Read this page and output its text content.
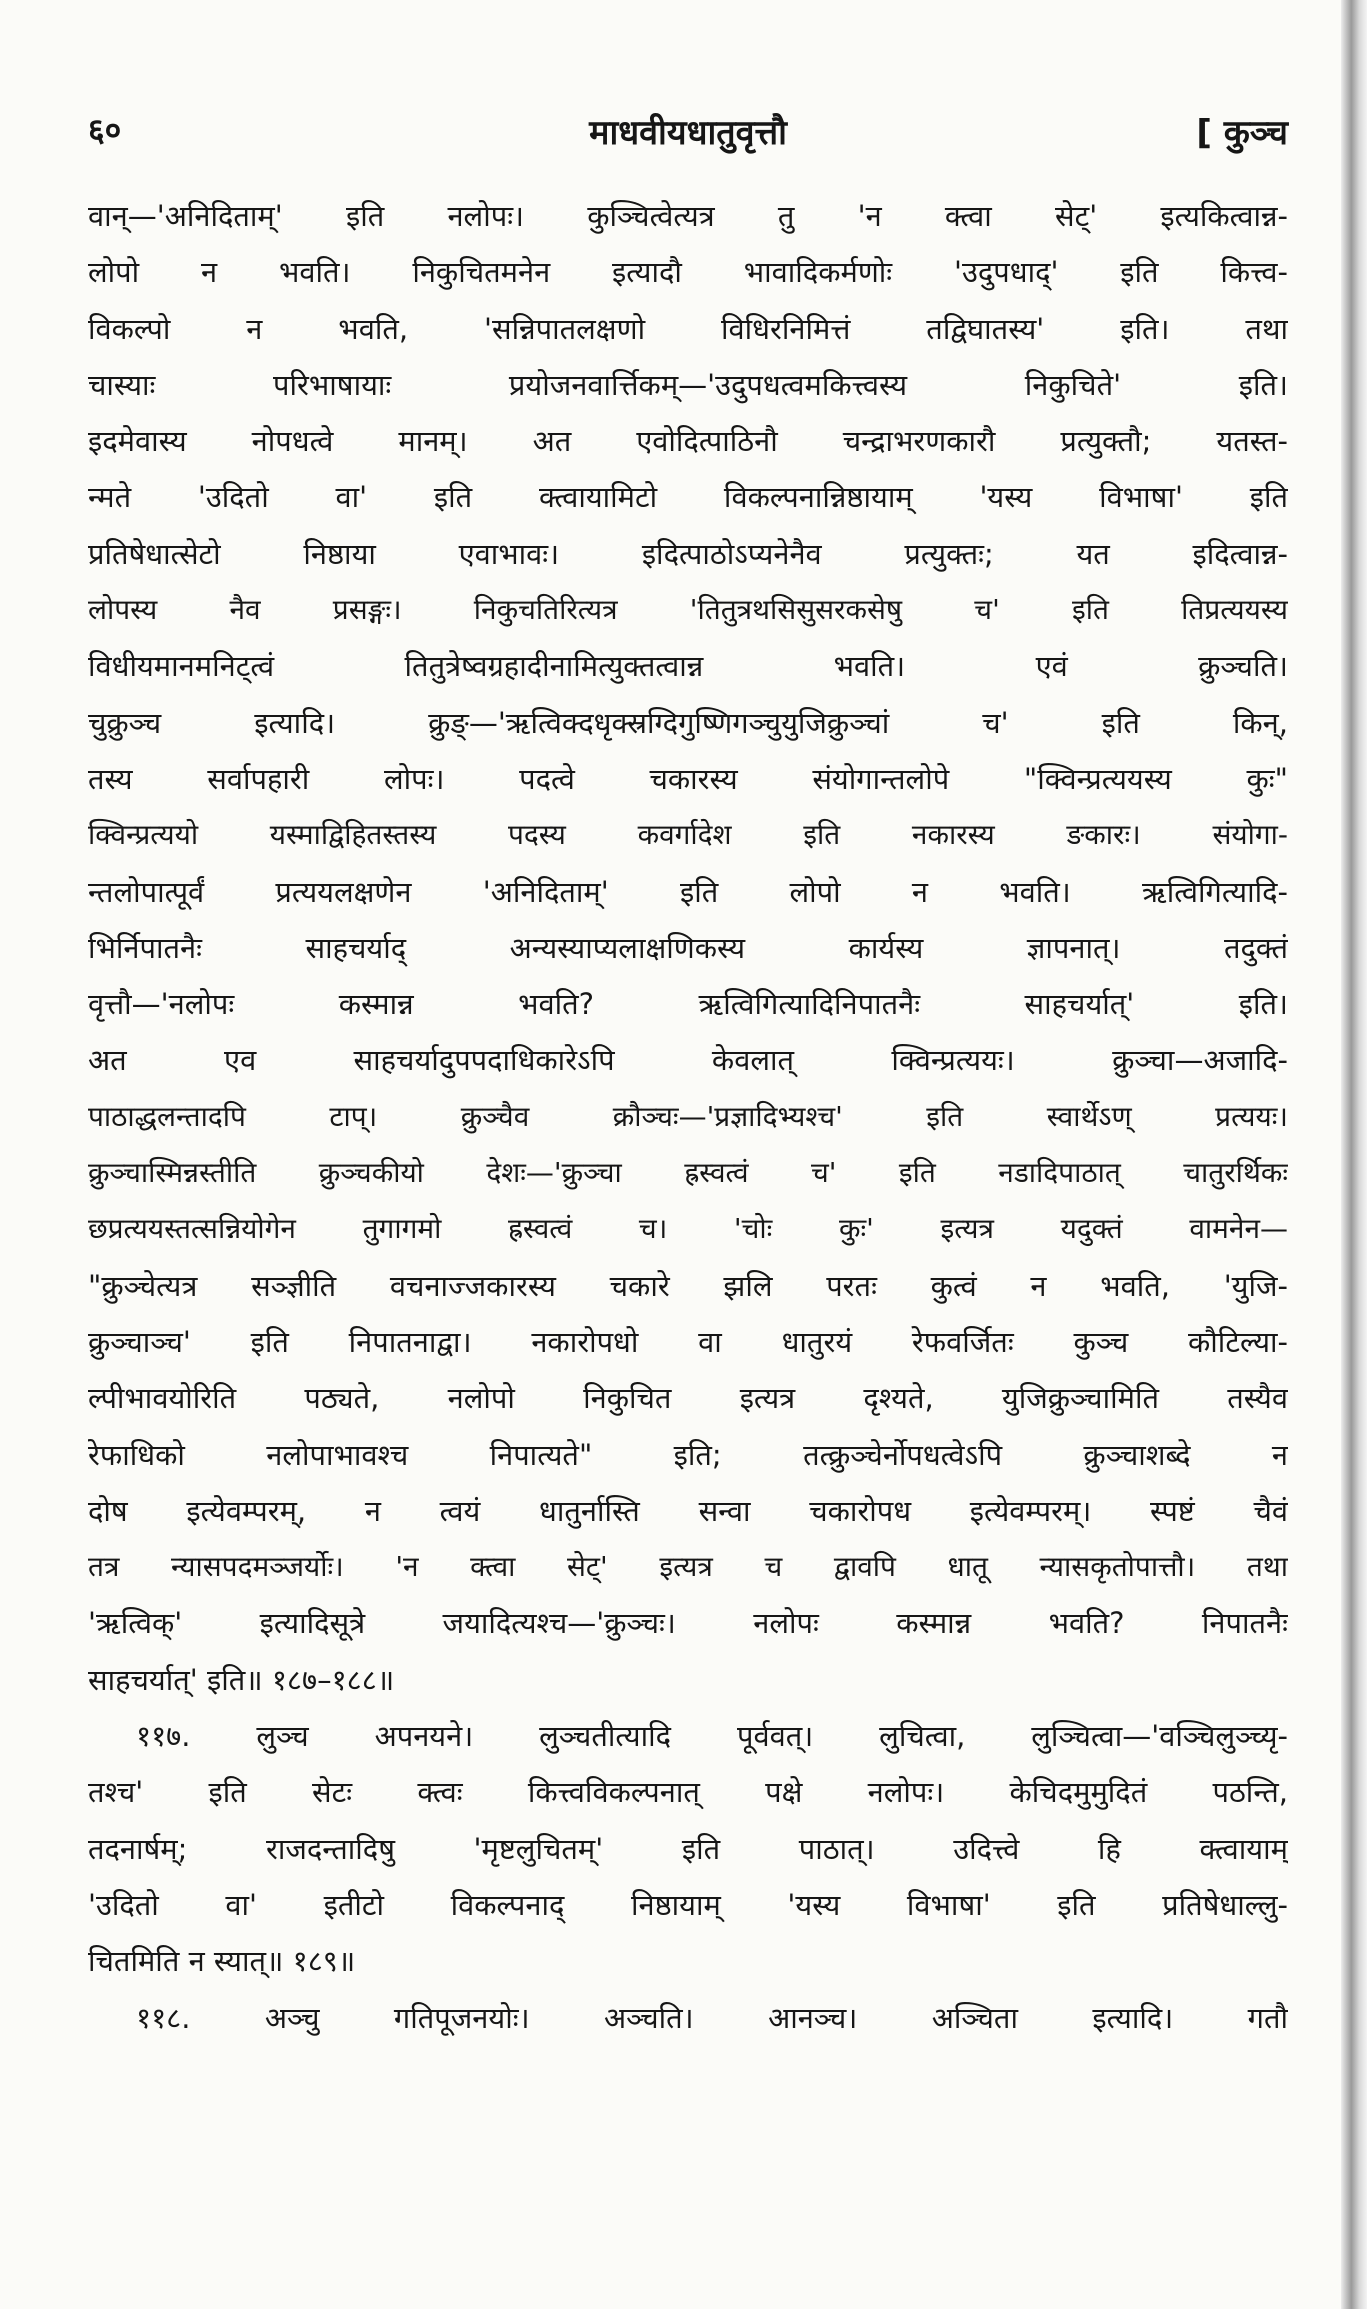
माधवीयधातुवृत्तौ
६०	[ कुञ्च
वान्—'अनिदिताम्' इति नलोपः। कुञ्चित्वेत्यत्र तु 'न क्त्वा सेट्' इत्यकित्वान्न-
लोपो न भवति। निकुचितमनेन इत्यादौ भावादिकर्मणोः 'उदुपधाद्' इति कित्त्व-
विकल्पो न भवति, 'सन्निपातलक्षणो विधिरनिमित्तं तद्विघातस्य' इति। तथा
चास्याः परिभाषायाः प्रयोजनवार्त्तिकम्—'उदुपधत्वमकित्त्वस्य निकुचिते' इति।
इदमेवास्य नोपधत्वे मानम्। अत एवोदित्पाठिनौ चन्द्राभरणकारौ प्रत्युक्तौ; यतस्त-
न्मते 'उदितो वा' इति क्त्वायामिटो विकल्पनान्निष्ठायाम् 'यस्य विभाषा' इति
प्रतिषेधात्सेटो निष्ठाया एवाभावः। इदित्पाठोऽप्यनेनैव प्रत्युक्तः; यत इदित्वान्न-
लोपस्य नैव प्रसङ्गः। निकुचतिरित्यत्र 'तितुत्रथसिसुसरकसेषु च' इति तिप्रत्ययस्य
विधीयमानमनिट्त्वं तितुत्रेष्वग्रहादीनामित्युक्तत्वान्न भवति। एवं क्रुञ्चति।
चुक्रुञ्च इत्यादि। क्रुङ्—'ऋत्विक्दधृक्स्रग्दिगुष्णिगञ्चुयुजिक्रुञ्चां च' इति किन्,
तस्य सर्वापहारी लोपः। पदत्वे चकारस्य संयोगान्तलोपे "क्विन्प्रत्ययस्य कुः"
क्विन्प्रत्ययो यस्माद्विहितस्तस्य पदस्य कवर्गादेश इति नकारस्य ङकारः। संयोगा-
न्तलोपात्पूर्वं प्रत्ययलक्षणेन 'अनिदिताम्' इति लोपो न भवति। ऋत्विगित्यादि-
भिर्निपातनैः साहचर्याद् अन्यस्याप्यलाक्षणिकस्य कार्यस्य ज्ञापनात्। तदुक्तं
वृत्तौ—'नलोपः कस्मान्न भवति? ऋत्विगित्यादिनिपातनैः साहचर्यात्' इति।
अत एव साहचर्यादुपपदाधिकारेऽपि केवलात् क्विन्प्रत्ययः। क्रुञ्चा—अजादि-
पाठाद्धलन्तादपि टाप्। क्रुञ्चैव क्रौञ्चः—'प्रज्ञादिभ्यश्च' इति स्वार्थेऽण् प्रत्ययः।
क्रुञ्चास्मिन्नस्तीति क्रुञ्चकीयो देशः—'क्रुञ्चा ह्रस्वत्वं च' इति नडादिपाठात् चातुरर्थिकः
छप्रत्ययस्तत्सन्नियोगेन तुगागमो ह्रस्वत्वं च। 'चोः कुः' इत्यत्र यदुक्तं वामनेन—
"क्रुञ्चेत्यत्र सञ्ज्ञीति वचनाज्जकारस्य चकारे झलि परतः कुत्वं न भवति, 'युजि-
क्रुञ्चाञ्च' इति निपातनाद्वा। नकारोपधो वा धातुरयं रेफवर्जितः कुञ्च कौटिल्या-
ल्पीभावयोरिति पठ्यते, नलोपो निकुचित इत्यत्र दृश्यते, युजिक्रुञ्चामिति तस्यैव
रेफाधिको नलोपाभावश्च निपात्यते" इति; तत्क्रुञ्चेर्नोपधत्वेऽपि क्रुञ्चाशब्दे न
दोष इत्येवम्परम्, न त्वयं धातुर्नास्ति सन्वा चकारोपध इत्येवम्परम्। स्पष्टं चैवं
तत्र न्यासपदमञ्जर्योः। 'न क्त्वा सेट्' इत्यत्र च द्वावपि धातू न्यासकृतोपात्तौ। तथा
'ऋत्विक्' इत्यादिसूत्रे जयादित्यश्च—'क्रुञ्चः। नलोपः कस्मान्न भवति? निपातनैः
साहचर्यात्' इति॥ १८७–१८८॥
११७. लुञ्च अपनयने। लुञ्चतीत्यादि पूर्ववत्। लुचित्वा, लुञ्चित्वा—'वञ्चिलुञ्च्यृ-
तश्च' इति सेटः क्त्वः कित्त्वविकल्पनात् पक्षे नलोपः। केचिदमुमुदितं पठन्ति,
तदनार्षम्; राजदन्तादिषु 'मृष्टलुचितम्' इति पाठात्। उदित्त्वे हि क्त्वायाम्
'उदितो वा' इतीटो विकल्पनाद् निष्ठायाम् 'यस्य विभाषा' इति प्रतिषेधाल्लु-
चितमिति न स्यात्॥ १८९॥
११८. अञ्चु गतिपूजनयोः। अञ्चति। आनञ्च। अञ्चिता इत्यादि। गतौ
